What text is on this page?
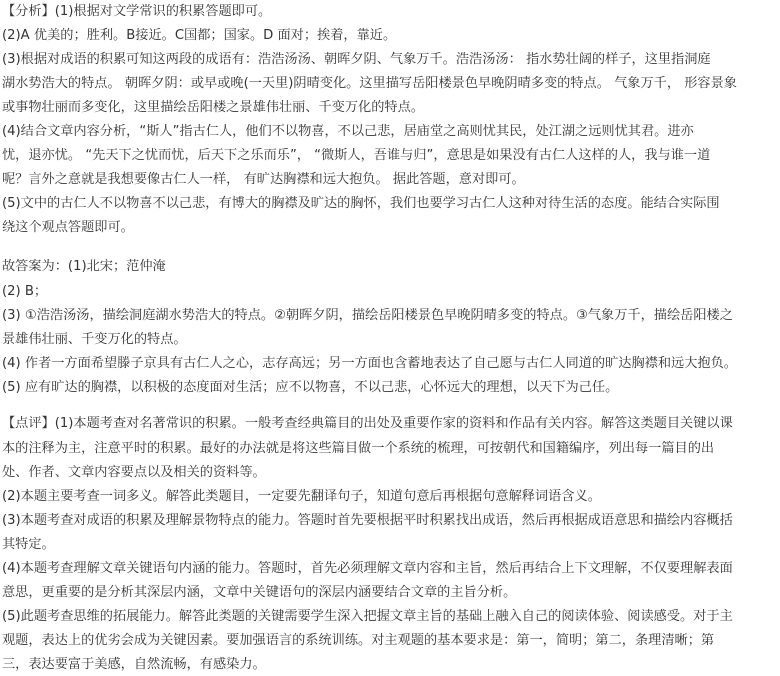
【分析】(1)根据对文学常识的积累答题即可。
(2)A 优美的；胜利。B接近。C国都；国家。D 面对；挨着，靠近。
(3)根据对成语的积累可知这两段的成语有：浩浩汤汤、朝晖夕阴、气象万千。浩浩汤汤： 指水势壮阔的样子，这里指洞庭
湖水势浩大的特点。 朝晖夕阴：或早或晚(一天里)阴晴变化。这里描写岳阳楼景色早晚阴晴多变的特点。 气象万千， 形容景象
或事物壮丽而多变化，这里描绘岳阳楼之景雄伟壮丽、千变万化的特点。
(4)结合文章内容分析，“斯人”指古仁人，他们不以物喜，不以己悲，居庙堂之高则忧其民，处江湖之远则忧其君。进亦
忧，退亦忧。 “先天下之忧而忧，后天下之乐而乐”， “微斯人，吾谁与归”，意思是如果没有古仁人这样的人，我与谁一道
呢？言外之意就是我想要像古仁人一样， 有旷达胸襟和远大抱负。 据此答题，意对即可。
(5)文中的古仁人不以物喜不以己悲，有博大的胸襟及旷达的胸怀，我们也要学习古仁人这种对待生活的态度。能结合实际围
绕这个观点答题即可。
故答案为：(1)北宋；范仲淹
(2) B；
(3) ①浩浩汤汤，描绘洞庭湖水势浩大的特点。②朝晖夕阴，描绘岳阳楼景色早晚阴晴多变的特点。③气象万千，描绘岳阳楼之
景雄伟壮丽、千变万化的特点。
(4) 作者一方面希望滕子京具有古仁人之心，志存高远；另一方面也含蓄地表达了自己愿与古仁人同道的旷达胸襟和远大抱负。
(5) 应有旷达的胸襟，以积极的态度面对生活；应不以物喜，不以己悲，心怀远大的理想，以天下为己任。
【点评】(1)本题考查对名著常识的积累。一般考查经典篇目的出处及重要作家的资料和作品有关内容。解答这类题目关键以课
本的注释为主，注意平时的积累。最好的办法就是将这些篇目做一个系统的梳理，可按朝代和国籍编序，列出每一篇目的出
处、作者、文章内容要点以及相关的资料等。
(2)本题主要考查一词多义。解答此类题目，一定要先翻译句子，知道句意后再根据句意解释词语含义。
(3)本题考查对成语的积累及理解景物特点的能力。答题时首先要根据平时积累找出成语，然后再根据成语意思和描绘内容概括
其特定。
(4)本题考查理解文章关键语句内涵的能力。答题时，首先必须理解文章内容和主旨，然后再结合上下文理解，不仅要理解表面
意思，更重要的是分析其深层内涵，文章中关键语句的深层内涵要结合文章的主旨分析。
(5)此题考查思维的拓展能力。解答此类题的关键需要学生深入把握文章主旨的基础上融入自己的阅读体验、阅读感受。对于主
观题，表达上的优劣会成为关键因素。要加强语言的系统训练。对主观题的基本要求是：第一，简明；第二，条理清晰；第
三，表达要富于美感，自然流畅，有感染力。
